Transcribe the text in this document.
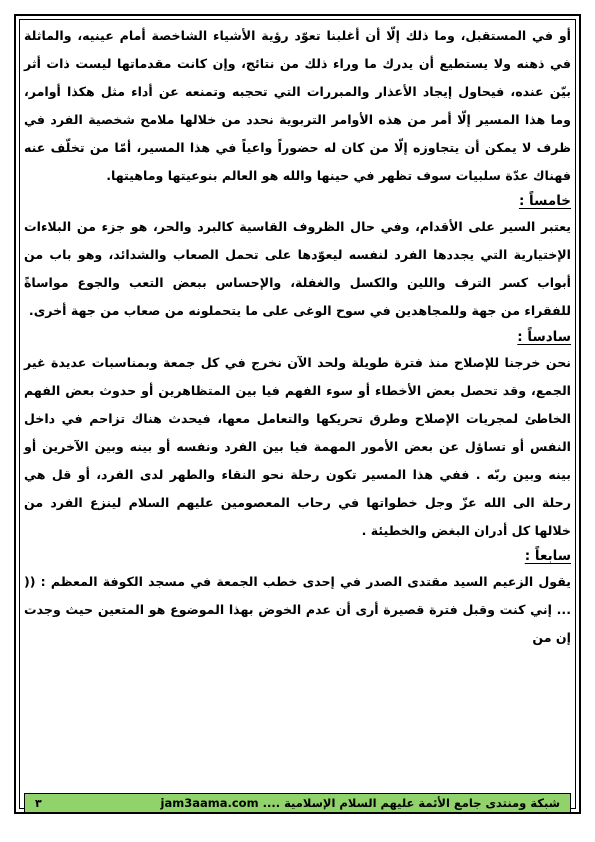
أو في المستقبل، وما ذلك إلّا أن أغلبنا تعوّد رؤية الأشياء الشاخصة أمام عينيه، والماثلة في ذهنه ولا يستطيع أن يدرك ما وراء ذلك من نتائج، وإن كانت مقدماتها ليست ذات أثر بيّن عنده، فيحاول إيجاد الأعذار والمبررات التي تحجبه وتمنعه عن أداء مثل هكذا أوامر، وما هذا المسير إلّا أمر من هذه الأوامر التربوية نحدد من خلالها ملامح شخصية الفرد في ظرف لا يمكن أن يتجاوزه إلّا من كان له حضوراً واعياً في هذا المسير، أمّا من تخلّف عنه فهناك عدّة سلبيات سوف تظهر في حينها والله هو العالم بنوعيتها وماهيتها.

خامساً :

يعتبر السير على الأقدام، وفي حال الظروف القاسية كالبرد والحر، هو جزء من البلاءات الإختيارية التي يجددها الفرد لنفسه ليعوّدها على تحمل الصعاب والشدائد، وهو باب من أبواب كسر الترف واللين والكسل والغفلة، والإحساس ببعض التعب والجوع مواساةً للفقراء من جهة وللمجاهدين في سوح الوغى على ما يتحملونه من صعاب من جهة أخرى.

سادساً :

نحن خرجنا للإصلاح منذ فترة طويلة ولحد الآن نخرج في كل جمعة وبمناسبات عديدة غير الجمع، وقد تحصل بعض الأخطاء أو سوء الفهم فيا بين المتظاهرين أو حدوث بعض الفهم الخاطئ لمجريات الإصلاح وطرق تحريكها والتعامل معها، فيحدث هناك تزاحم في داخل النفس أو تساؤل عن بعض الأمور المهمة فيا بين الفرد ونفسه أو بينه وبين الآخرين أو بينه وبين ربّه . ففي هذا المسير تكون رحلة نحو النقاء والطهر لدى الفرد، أو قل هي رحلة الى الله عزّ وجل خطواتها في رحاب المعصومين عليهم السلام لينزع الفرد من خلالها كل أدران البغض والخطيئة .

سابعاً :

يقول الزعيم السيد مقتدى الصدر في إحدى خطب الجمعة في مسجد الكوفة المعظم : (( ... إني كنت وقبل فترة قصيرة أرى أن عدم الخوض بهذا الموضوع هو المتعين حيث وجدت إن من

٣	شبكة ومنتدى جامع الأئمة عليهم السلام الإسلامية .... jam3aama.com
